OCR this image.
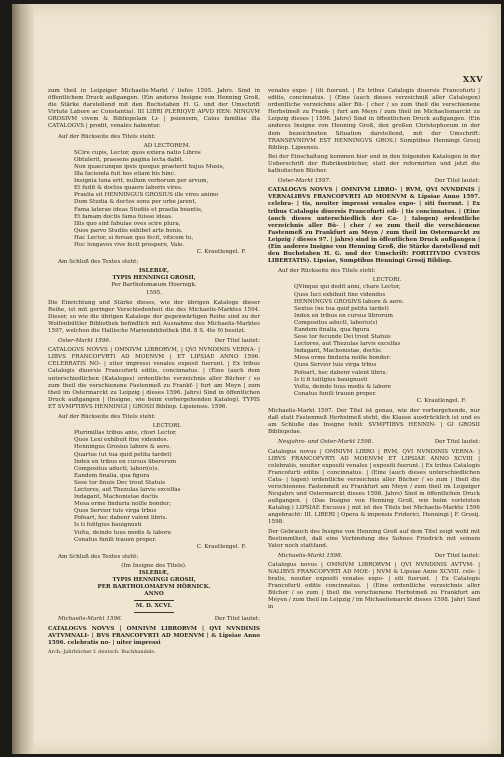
XXV

zum theil in Leipziger Michaelis-Markt / liefes 1595. Jahrs. Sind in öffentlichem Druck außgangen. (Ein anderes Insigne von Henning Groß, die Stärke darstellend mit den Buchstaben H. G. und der Umschrift Virtute Labore ac Constantia). III LIBRI PLERIQVE APVD HEN: NINGVM GROSIVM civem & Bibliopolam Li- | psiensem, Caius familias illa CATALOGVS | prodit, venales habentur.

Auf der Rückseite des Titels steht:
AD LECTOREM.
SCire cupis, Lector, quos extera natio Libros
Obtulerit, praesens pagina lecta dabit.
Non quaecunque ipsis quoque praeterit hujus Musis,
Illa facienda fuit hos etiam bis hinc.
Insignia luna erit, nullum verborum per arvum,
Et fudit & doctos quaere laboris vires.
Praelia sit HENNINGUS GROSIUS ille vires animo
Dum Studia & doctos sonu per orbe jarent,
Fama laterae ideas Studiis et praelia beantis,
Et famam doctis fama fuisse ideas.
Illis quo sint fabulae oves scire plura,
Quos parvo Studiis exhibet arte bonis.
Hac Lector, si forsan quo fecit, viticem tu,
Hoc longavos vive fecit prospere, Vale.
C. Krautlengel. F.
Am Schluß des Textes steht:

ISLEBIÆ,

TYPIS HENNINGI GROSII,

Per Bartholomæum Hoernigk.

1595.

Die Einrichtung und Stärke dieses, wie der übrigen Kataloge dieser Reihe, ist mit geringer Verschiedenheit die des Michaelis-Marktes 1594. Dieser, so wie die übrigen Kataloge der gegenwärtigen Reihe sind zu der Wolfenbüttler Bibliothek befindlich mit Ausnahme des Michaelis-Marktes 1597, welchen die Hallische Marienbibliothek (Bd. 8 S. 4te 9) besitzt.

Oster-Markt 1596.	Der Titel lautet:

CATALOGVS NOVVS | OMNIVM LIBRORVM, | QVI NVNDINIS VERNA- | LIBVS FRANCOFVRTI AD MOENVM | ET LIPSIAE ANNO 1596. CELEBRATIS NO- | uiter impressi venales exposit fuerunt. | Ex tribus Catalogis diuersis Francofurti editis, concinnatus. | (Eine (auch dem unterschiedlichen (Kataloges) ordentliche verzeichnis aller Bücher / so zum theil die verschienene Fastenmeß zu Frankf- | furt am Meyn | zum theil im Ostermarckt zu Leipzig | dieses 1596. Jahrs) Sind in öffentlichen Druck außgangen | (Insigne, wie beim vorhergehenden Katalog). TYPIS ET SVMPTIBVS HENNINGI | GROSII Bibliop. Lipsiensis. 1596.

Auf der Rückseite des Titels steht:
LECTORI.
Plurimillas tribus ante, chori Lector,
Quos Lexi exhibuit fine videndos.
Henningus Grosius labore & aere.
Quartus (ut tua quid petita tardet)
Index en tribus en cursus libererum
Compositus aductl, labori(o)s.
Eandem finalia, qua figura
Sese tor finuis Dec trout Statuis
Lectores, aut Thezulas larvis excelfas
Indagant, Machonistae doctis
Mesa orme finduria noille bonder;
Quos Servior tuis virga trbus
Pofeart, hec dabenr valent libris.
Is ti folitgius bauignusti
Vultu, deindo tuus modis & labore
Conatus funili trauen proper.
C. Krautlengel. F.
Am Schluß des Textes steht:

(Im Insigne des Titels).

ISLEBIÆ,

TYPIS HENNINGI GROSII,

PER BARTHOLOMAEVM HÖRNICK.

ANNO

M. D. XCVI.

Michaelis-Markt 1596.	Der Titel lautet:

CATALOGVS NOVVS | OMNIVM LIBRORVM | QVI NVNDINIS AVTVMNALI- | BVS FRANCOFVRTI AD MOENVM | & Lipsiae Anno 1596. celebratis no- | uiter impressi

Arch.-Jahrbücher f. deutsch. Buchhandels.

venales expo- | (iti fuerunt. | Ex tribus Catalogis diuersis Francofurti | editis, concinnatus. | (Eine (auch dieses verzeichniß aller Catalogen) ordentliche verzeichnis aller Bü- | cher / so zum theil die verschienene Herbstmeß zu Frank- | furt am Meyn / zum theil im Michaelismarckt zu Leipzig dieses | 1596. Jahrs) Sind in öffentlichen Druck außgangen. (Ein anderes Insigne von Henning Groß, den großen Christophorum in der dem bezeichneten Situation darstellend, mit der Umschrift: TRANSEVNDVM EST HENNINGVS GROS.) Sumptibus Henningi Grosij Bibliop. Lipsensis.

Bei der Einschaltung kommen hier und in den folgenden Katalogen in der Ueberschrift der Rubrikenbücher, statt der reformirten und jetzt die katholischen Bücher.

Oster-Markt 1597.	Der Titel lautet:

CATALOGVS NOVVS | OMNIVM LIBRO- | RVM, QVI NVNDINIS | VERNALIBVS FRANCOFVRTI AD MOENVM & Lipsiae Anno 1597. celebra- | tis, nouiter impressi venales expo- | siti fuerunt. | Ex tribus Catalogis diuersis Francofurti edi- | tis concinnatus. | (Eine (auch dieses unterschiedlich der Ca- | talogen) ordentliche verzeichnis aller Bü- | cher / so zum theil die verschienene Fastenmeß zu Frankfurt am Meyn / zum theil im Ostermarckt zu Leipzig / dieses 97. | jahrs) sind in öffentlichen Druck außgangen | (Ein anderes Insigne von Henning Groß, die Stärke darstellend mit den Buchstaben H. G. und der Umschrift: FORTITVDO CVSTOS LIBERTATIS). Lipsiae, Sumptibus Henningi Grosij Bibliop.

Auf der Rückseite des Titels steht:
LECTORI.
QVinque qui dedit anni, chare Lector,
Quos Iuci exhibuit fine videndos
HENNINGVS GROSIVS labore & aere.
Sextus (ne tua quid petita tardet)
Index en tribus en cursus librorum
Compositus aductl, laborio(s)
Eandem finalia, qua figura
Sese tor fecunde Dei trout Statuis
Lectores, aut Thezulas larvis excelfas
Indagant, Machonistae, doctis:
Mesa orme finduria noille bonder:
Quos Servior tuis virga trbus
Pofeart, hec dabenr valent libris.
Is ti fi tolitgius bauignusti
Vultu, deindo tuus modis & labore
Conatus funili trauen proper.
C. Krautlengel. F.

Michaelis-Markt 1597. Der Titel ist genau, wie der vorhergehende, nur daß statt Fastenmeß Herbstmeß steht, die Klause ausdrücklich ist und es am Schluße das Insigne fehlt: SVMPTIBVS HENNIN- | GI GROSII Bibliopolae.

Neujahrs- und Oster-Markt 1598.	Der Titel lautet:

Catalogus novus | OMNIVM LIBRO | RVM, QVI NVNDINIS VERNA- | LIBVS FRANCOFVRTI AD MOENVM ET LIPSIAE ANNO XCVIII | celebratis, nouiter expositi venales | expositi fuerunt. | Ex tribus Catalogis Francofurti editis | concinnatus. | (Eine (auch dieses unterschiedlichen Cata- | logen) ordentliche verzeichnis aller Bücher / so zum | theil die verschienene Fastenmeß zu Frankfurt am Meyn / zum theil im Leipziger Neujahrs und Ostermarckt dieses 1598. Jahrs) Sind in öffentlichen Druck außgangen. | (Das Insigne von Henning Groß, wie beim vorletzten Katalog.) LIPSIAE Excusus | mit ist des Titels bei Michaelis-Markte 1596 angebracht: III. LIBERI | Opera & impensis Friderici, Henningi | F. Grosij. 1598.

Der Gebrauch des Insigne von Henning Groß auf dem Titel zeigt wohl mit Bestimmtheit, daß eine Verbindung des Sohnes Friedrich mit seinem Vater noch stattfand.

Michaelis-Markt 1598.	Der Titel lautet:

Catalogus novus | OMNIVM LIBRORVM | QVI NVNDINIS AVTVM- | NALIBVS FRANCOFVRTI AD MOE- | NVM & Lipsiae Anno XCVIII. cele- | bratis, nouiter expositi venales expo- | siti fuerunt. | Ex Catalogis Francofurti editis concinnatus. | (Eine ordentliche verzeichnis aller Bücher / so zum | theil die verschienene Herbstmeß zu Frankfurt am Meyen / zum theil im Leipzig / im Michaelismarckt dieses 1598. Jahr) Sind in
